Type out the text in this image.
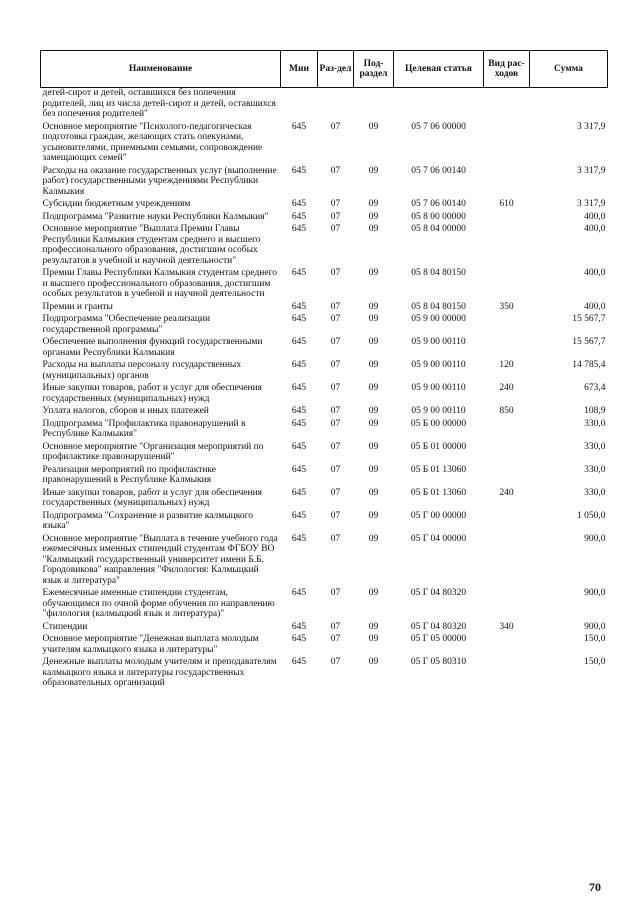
Наименование	Мин	Раз-дел	Под-раздел	Целевая статья	Вид рас-ходов	Сумма
детей-сирот и детей, оставшихся без попечения родителей, лиц из числа детей-сирот и детей, оставшихся без попечения родителей"						
Основное мероприятие "Психолого-педагогическая подготовка граждан, желающих стать опекунами, усыновителями, приемными семьями, сопровождение замещающих семей"	645	07	09	05 7 06 00000		3 317,9
Расходы на оказание государственных услуг (выполнение работ) государственными учреждениями Республики Калмыкия	645	07	09	05 7 06 00140		3 317,9
Субсидии бюджетным учреждениям	645	07	09	05 7 06 00140	610	3 317,9
Подпрограмма "Развитие науки Республики Калмыкия"	645	07	09	05 8 00 00000		400,0
Основное мероприятие "Выплата Премии Главы Республики Калмыкия студентам среднего и высшего профессионального образования, достигшим особых результатов в учебной и научной деятельности"	645	07	09	05 8 04 00000		400,0
Премии Главы Республики Калмыкия студентам среднего и высшего профессионального образования, достигшим особых результатов в учебной и научной деятельности	645	07	09	05 8 04 80150		400,0
Премии и гранты	645	07	09	05 8 04 80150	350	400,0
Подпрограмма "Обеспечение реализации государственной программы"	645	07	09	05 9 00 00000		15 567,7
Обеспечение выполнения функций государственными органами Республики Калмыкия	645	07	09	05 9 00 00110		15 567,7
Расходы на выплаты персоналу государственных (муниципальных) органов	645	07	09	05 9 00 00110	120	14 785,4
Иные закупки товаров, работ и услуг для обеспечения государственных (муниципальных) нужд	645	07	09	05 9 00 00110	240	673,4
Уплата налогов, сборов и иных платежей	645	07	09	05 9 00 00110	850	108,9
Подпрограмма "Профилактика правонарушений в Республике Калмыкия"	645	07	09	05 Б 00 00000		330,0
Основное мероприятие "Организация мероприятий по профилактике правонарушений"	645	07	09	05 Б 01 00000		330,0
Реализация мероприятий по профилактике правонарушений в Республике Калмыкия	645	07	09	05 Б 01 13060		330,0
Иные закупки товаров, работ и услуг для обеспечения государственных (муниципальных) нужд	645	07	09	05 Б 01 13060	240	330,0
Подпрограмма "Сохранение и развитие калмыцкого языка"	645	07	09	05 Г 00 00000		1 050,0
Основное мероприятие "Выплата в течение учебного года ежемесячных именных стипендий студентам ФГБОУ ВО "Калмыцкий государственный университет имени Б.Б. Городовикова" направления "Филология: Калмыцкий язык и литература"	645	07	09	05 Г 04 00000		900,0
Ежемесячные именные стипендии студентам, обучающимся по очной форме обучения по направлению "филология (калмыцкий язык и литература)"	645	07	09	05 Г 04 80320		900,0
Стипендии	645	07	09	05 Г 04 80320	340	900,0
Основное мероприятие "Денежная выплата молодым учителям калмыцкого языка и литературы"	645	07	09	05 Г 05 00000		150,0
Денежные выплаты молодым учителям и преподавателям калмыцкого языка и литературы государственных образовательных организаций	645	07	09	05 Г 05 80310		150,0
70
